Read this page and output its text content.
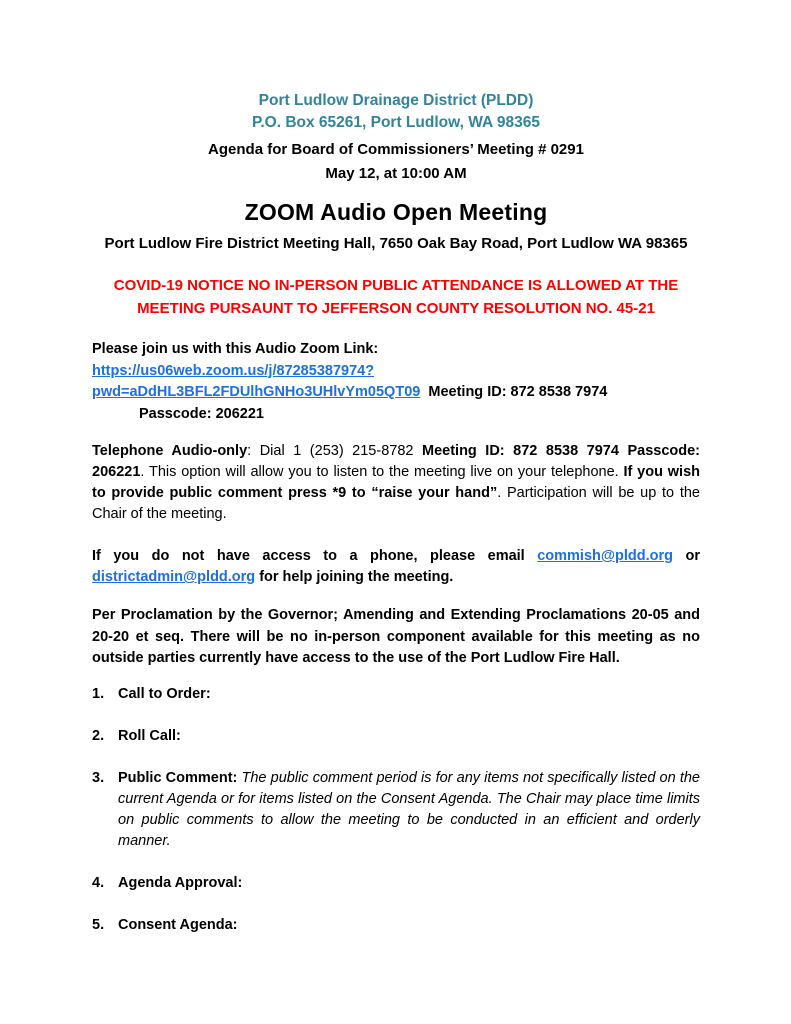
Port Ludlow Drainage District (PLDD)
P.O. Box 65261, Port Ludlow, WA 98365
Agenda for Board of Commissioners’ Meeting # 0291
May 12, at 10:00 AM
ZOOM Audio Open Meeting
Port Ludlow Fire District Meeting Hall, 7650 Oak Bay Road, Port Ludlow WA 98365
COVID-19 NOTICE NO IN-PERSON PUBLIC ATTENDANCE IS ALLOWED AT THE
MEETING PURSAUNT TO JEFFERSON COUNTY RESOLUTION NO. 45-21
Please join us with this Audio Zoom Link:
https://us06web.zoom.us/j/87285387974?
pwd=aDdHL3BFL2FDUlhGNHo3UHlvYm05QT09 Meeting ID: 872 8538 7974
Passcode: 206221

Telephone Audio-only: Dial 1 (253) 215-8782 Meeting ID: 872 8538 7974 Passcode: 206221. This option will allow you to listen to the meeting live on your telephone. If you wish to provide public comment press *9 to “raise your hand”. Participation will be up to the Chair of the meeting.

If you do not have access to a phone, please email commish@pldd.org or districtadmin@pldd.org for help joining the meeting.

Per Proclamation by the Governor; Amending and Extending Proclamations 20-05 and 20-20 et seq. There will be no in-person component available for this meeting as no outside parties currently have access to the use of the Port Ludlow Fire Hall.

1. Call to Order:
2. Roll Call:
3. Public Comment: The public comment period is for any items not specifically listed on the current Agenda or for items listed on the Consent Agenda. The Chair may place time limits on public comments to allow the meeting to be conducted in an efficient and orderly manner.
4. Agenda Approval:
5. Consent Agenda:
